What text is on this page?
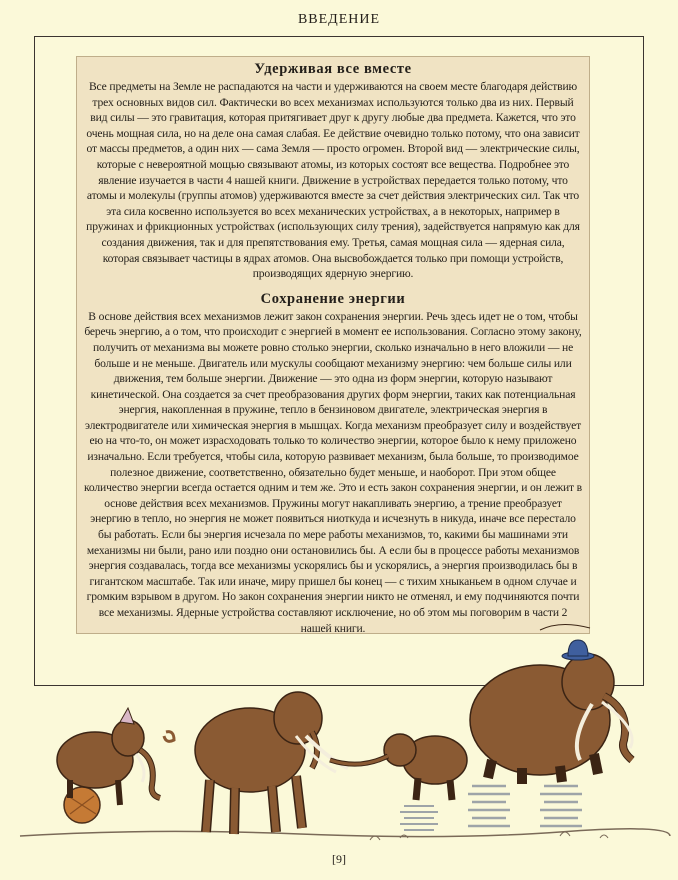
ВВЕДЕНИЕ
Удерживая все вместе

Все предметы на Земле не распадаются на части и удерживаются на своем месте благодаря действию трех основных видов сил. Фактически во всех механизмах используются только два из них. Первый вид силы — это гравитация, которая притягивает друг к другу любые два предмета. Кажется, что это очень мощная сила, но на деле она самая слабая. Ее действие очевидно только потому, что она зависит от массы предметов, а один них — сама Земля — просто огромен. Второй вид — электрические силы, которые с невероятной мощью связывают атомы, из которых состоят все вещества. Подробнее это явление изучается в части 4 нашей книги. Движение в устройствах передается только потому, что атомы и молекулы (группы атомов) удерживаются вместе за счет действия электрических сил. Так что эта сила косвенно используется во всех механических устройствах, а в некоторых, например в пружинах и фрикционных устройствах (использующих силу трения), задействуется напрямую как для создания движения, так и для препятствования ему. Третья, самая мощная сила — ядерная сила, которая связывает частицы в ядрах атомов. Она высвобождается только при помощи устройств, производящих ядерную энергию.

Сохранение энергии

В основе действия всех механизмов лежит закон сохранения энергии. Речь здесь идет не о том, чтобы беречь энергию, а о том, что происходит с энергией в момент ее использования. Согласно этому закону, получить от механизма вы можете ровно столько энергии, сколько изначально в него вложили — не больше и не меньше. Двигатель или мускулы сообщают механизму энергию: чем больше силы или движения, тем больше энергии. Движение — это одна из форм энергии, которую называют кинетической. Она создается за счет преобразования других форм энергии, таких как потенциальная энергия, накопленная в пружине, тепло в бензиновом двигателе, электрическая энергия в электродвигателе или химическая энергия в мышцах. Когда механизм преобразует силу и воздействует ею на что-то, он может израсходовать только то количество энергии, которое было к нему приложено изначально. Если требуется, чтобы сила, которую развивает механизм, была больше, то производимое полезное движение, соответственно, обязательно будет меньше, и наоборот. При этом общее количество энергии всегда остается одним и тем же. Это и есть закон сохранения энергии, и он лежит в основе действия всех механизмов. Пружины могут накапливать энергию, а трение преобразует энергию в тепло, но энергия не может появиться ниоткуда и исчезнуть в никуда, иначе все перестало бы работать. Если бы энергия исчезала по мере работы механизмов, то, какими бы машинами эти механизмы ни были, рано или поздно они остановились бы. А если бы в процессе работы механизмов энергия создавалась, тогда все механизмы ускорялись бы и ускорялись, а энергия производилась бы в гигантском масштабе. Так или иначе, миру пришел бы конец — с тихим хныканьем в одном случае и громким взрывом в другом. Но закон сохранения энергии никто не отменял, и ему подчиняются почти все механизмы. Ядерные устройства составляют исключение, но об этом мы поговорим в части 2 нашей книги.

[9]
